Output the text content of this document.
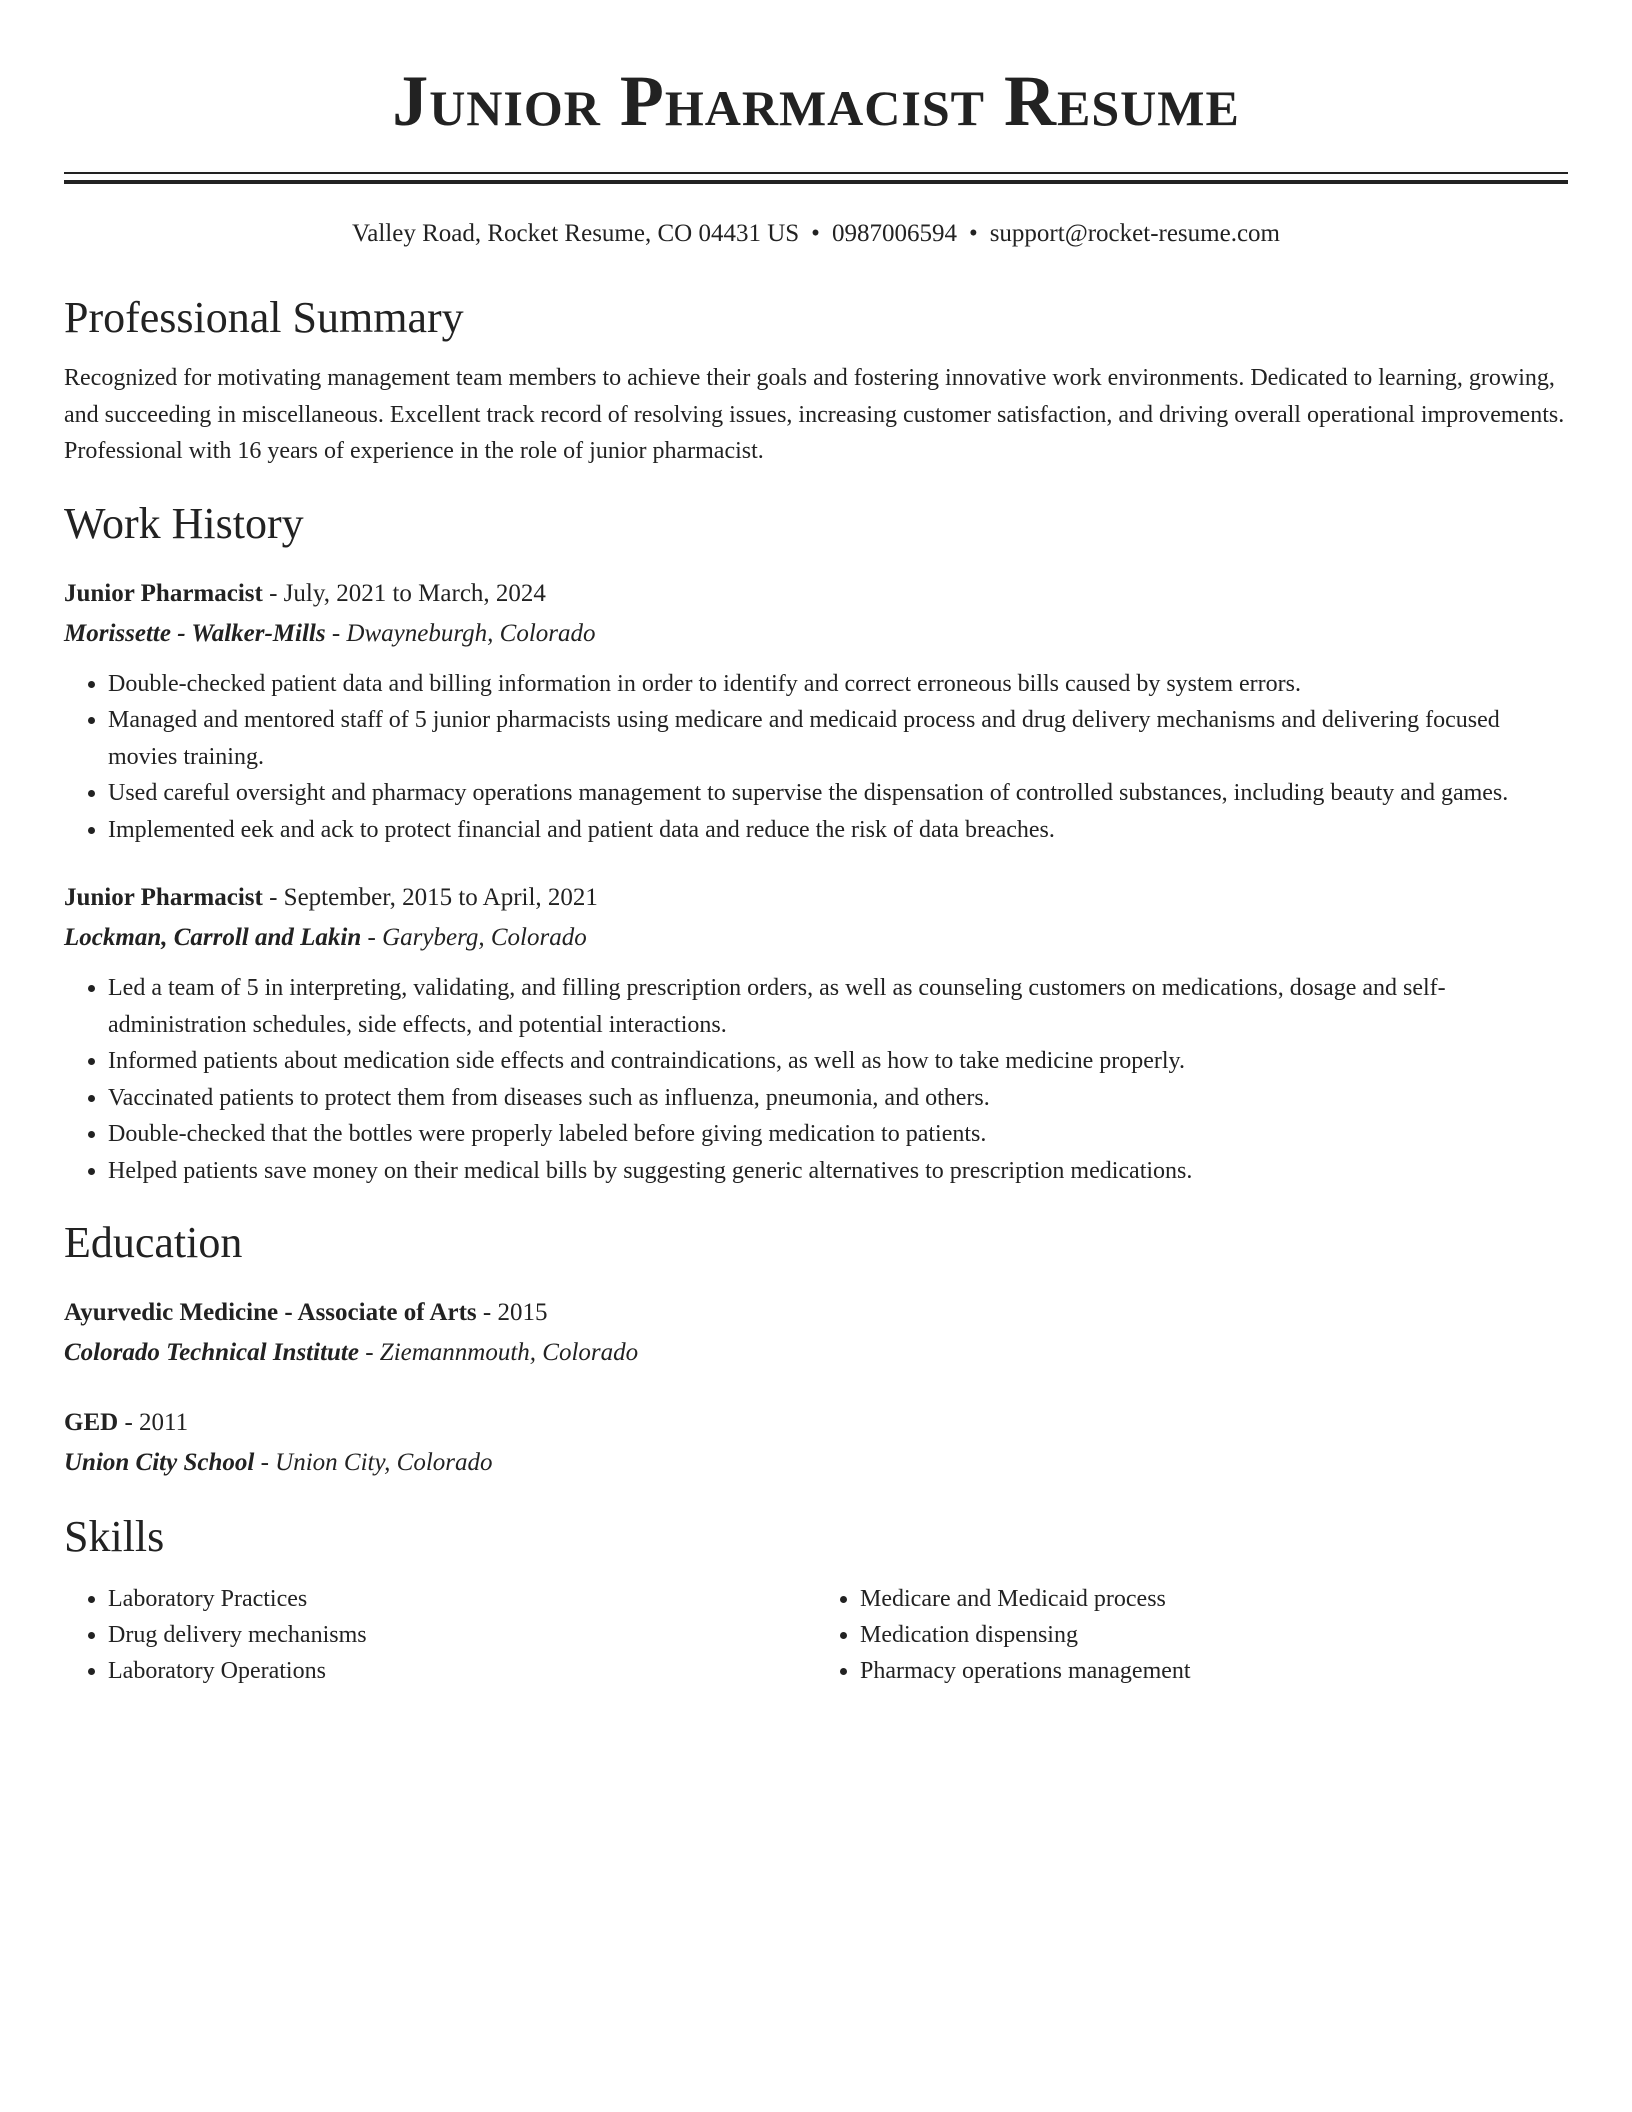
Junior Pharmacist Resume
Valley Road, Rocket Resume, CO 04431 US • 0987006594 • support@rocket-resume.com
Professional Summary
Recognized for motivating management team members to achieve their goals and fostering innovative work environments. Dedicated to learning, growing, and succeeding in miscellaneous. Excellent track record of resolving issues, increasing customer satisfaction, and driving overall operational improvements. Professional with 16 years of experience in the role of junior pharmacist.
Work History
Junior Pharmacist - July, 2021 to March, 2024
Morissette - Walker-Mills - Dwayneburgh, Colorado
• Double-checked patient data and billing information in order to identify and correct erroneous bills caused by system errors.
• Managed and mentored staff of 5 junior pharmacists using medicare and medicaid process and drug delivery mechanisms and delivering focused movies training.
• Used careful oversight and pharmacy operations management to supervise the dispensation of controlled substances, including beauty and games.
• Implemented eek and ack to protect financial and patient data and reduce the risk of data breaches.
Junior Pharmacist - September, 2015 to April, 2021
Lockman, Carroll and Lakin - Garyberg, Colorado
• Led a team of 5 in interpreting, validating, and filling prescription orders, as well as counseling customers on medications, dosage and self-administration schedules, side effects, and potential interactions.
• Informed patients about medication side effects and contraindications, as well as how to take medicine properly.
• Vaccinated patients to protect them from diseases such as influenza, pneumonia, and others.
• Double-checked that the bottles were properly labeled before giving medication to patients.
• Helped patients save money on their medical bills by suggesting generic alternatives to prescription medications.
Education
Ayurvedic Medicine - Associate of Arts - 2015
Colorado Technical Institute - Ziemannmouth, Colorado
GED - 2011
Union City School - Union City, Colorado
Skills
• Laboratory Practices
• Drug delivery mechanisms
• Laboratory Operations
• Medicare and Medicaid process
• Medication dispensing
• Pharmacy operations management
